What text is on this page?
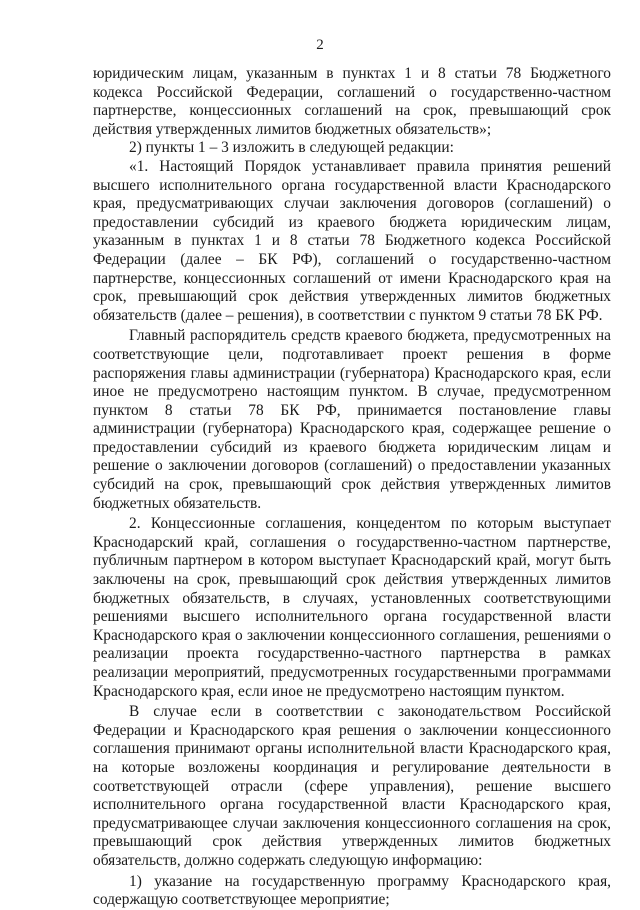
2

юридическим лицам, указанным в пунктах 1 и 8 статьи 78 Бюджетного кодекса Российской Федерации, соглашений о государственно-частном партнерстве, концессионных соглашений на срок, превышающий срок действия утвержденных лимитов бюджетных обязательств»;

2) пункты 1 – 3 изложить в следующей редакции:

«1. Настоящий Порядок устанавливает правила принятия решений высшего исполнительного органа государственной власти Краснодарского края, предусматривающих случаи заключения договоров (соглашений) о предоставлении субсидий из краевого бюджета юридическим лицам, указанным в пунктах 1 и 8 статьи 78 Бюджетного кодекса Российской Федерации (далее – БК РФ), соглашений о государственно-частном партнерстве, концессионных соглашений от имени Краснодарского края на срок, превышающий срок действия утвержденных лимитов бюджетных обязательств (далее – решения), в соответствии с пунктом 9 статьи 78 БК РФ.

Главный распорядитель средств краевого бюджета, предусмотренных на соответствующие цели, подготавливает проект решения в форме распоряжения главы администрации (губернатора) Краснодарского края, если иное не предусмотрено настоящим пунктом. В случае, предусмотренном пунктом 8 статьи 78 БК РФ, принимается постановление главы администрации (губернатора) Краснодарского края, содержащее решение о предоставлении субсидий из краевого бюджета юридическим лицам и решение о заключении договоров (соглашений) о предоставлении указанных субсидий на срок, превышающий срок действия утвержденных лимитов бюджетных обязательств.

2. Концессионные соглашения, концедентом по которым выступает Краснодарский край, соглашения о государственно-частном партнерстве, публичным партнером в котором выступает Краснодарский край, могут быть заключены на срок, превышающий срок действия утвержденных лимитов бюджетных обязательств, в случаях, установленных соответствующими решениями высшего исполнительного органа государственной власти Краснодарского края о заключении концессионного соглашения, решениями о реализации проекта государственно-частного партнерства в рамках реализации мероприятий, предусмотренных государственными программами Краснодарского края, если иное не предусмотрено настоящим пунктом.

В случае если в соответствии с законодательством Российской Федерации и Краснодарского края решения о заключении концессионного соглашения принимают органы исполнительной власти Краснодарского края, на которые возложены координация и регулирование деятельности в соответствующей отрасли (сфере управления), решение высшего исполнительного органа государственной власти Краснодарского края, предусматривающее случаи заключения концессионного соглашения на срок, превышающий срок действия утвержденных лимитов бюджетных обязательств, должно содержать следующую информацию:

1) указание на государственную программу Краснодарского края, содержащую соответствующее мероприятие;
